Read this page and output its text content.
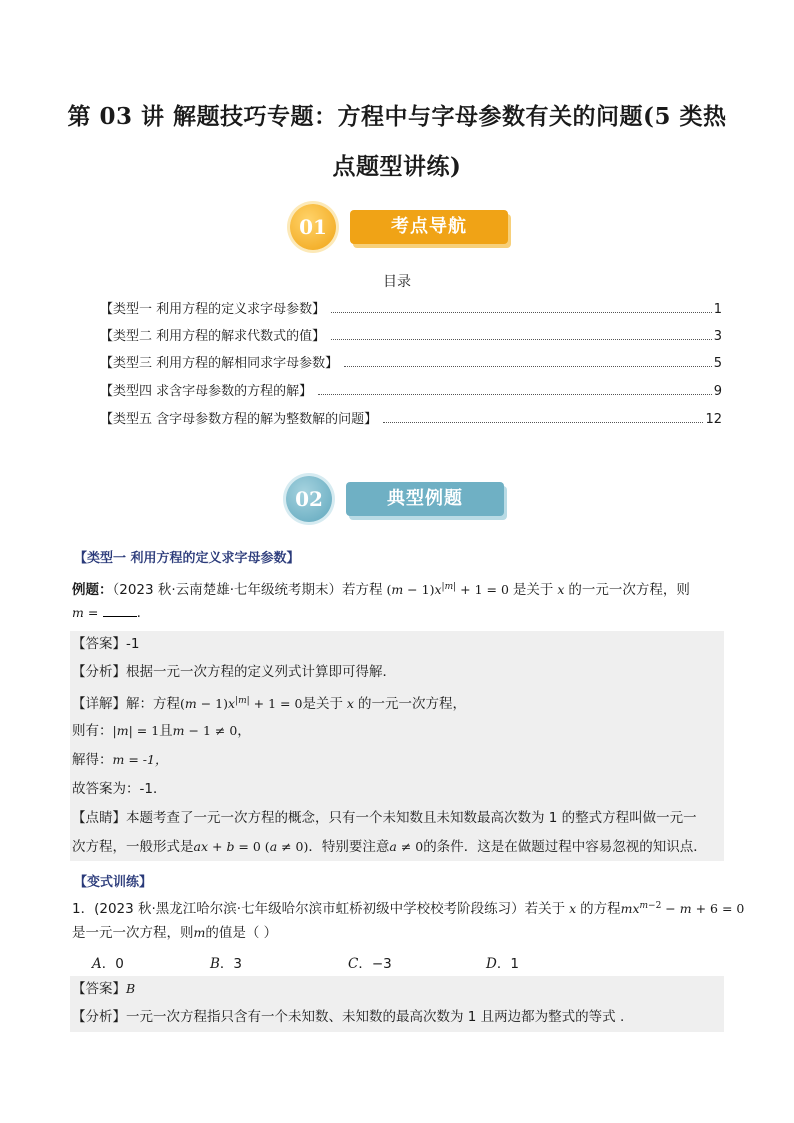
第 03 讲 解题技巧专题：方程中与字母参数有关的问题(5 类热
点题型讲练)
01	考点导航
目录
【类型一 利用方程的定义求字母参数】	1
【类型二 利用方程的解求代数式的值】	3
【类型三 利用方程的解相同求字母参数】	5
【类型四 求含字母参数的方程的解】	9
【类型五 含字母参数方程的解为整数解的问题】	12
02	典型例题
【类型一 利用方程的定义求字母参数】
例题：（2023 秋·云南楚雄·七年级统考期末）若方程 $(m - 1)x^{|m|} + 1 = 0$ 是关于 x 的一元一次方程，则
m =	.
【答案】-1
【分析】根据一元一次方程的定义列式计算即可得解．
【详解】解：方程$(m - 1)x^{|m|} + 1 = 0$是关于 x 的一元一次方程，
则有：|m| = 1且m − 1 ≠ 0，
解得：m = -1，
故答案为：-1．
【点睛】本题考查了一元一次方程的概念，只有一个未知数且未知数最高次数为 1 的整式方程叫做一元一
次方程，一般形式是ax + b = 0 (a ≠ 0)．特别要注意a ≠ 0的条件．这是在做题过程中容易忽视的知识点．
【变式训练】
1．(2023 秋·黑龙江哈尔滨·七年级哈尔滨市虹桥初级中学校校考阶段练习）若关于 x 的方程$mx^{m-2} - m + 6 = 0$
是一元一次方程，则m的值是（ ）
A．0	B．3	C．−3	D．1
【答案】B
【分析】一元一次方程指只含有一个未知数、未知数的最高次数为 1 且两边都为整式的等式 .
